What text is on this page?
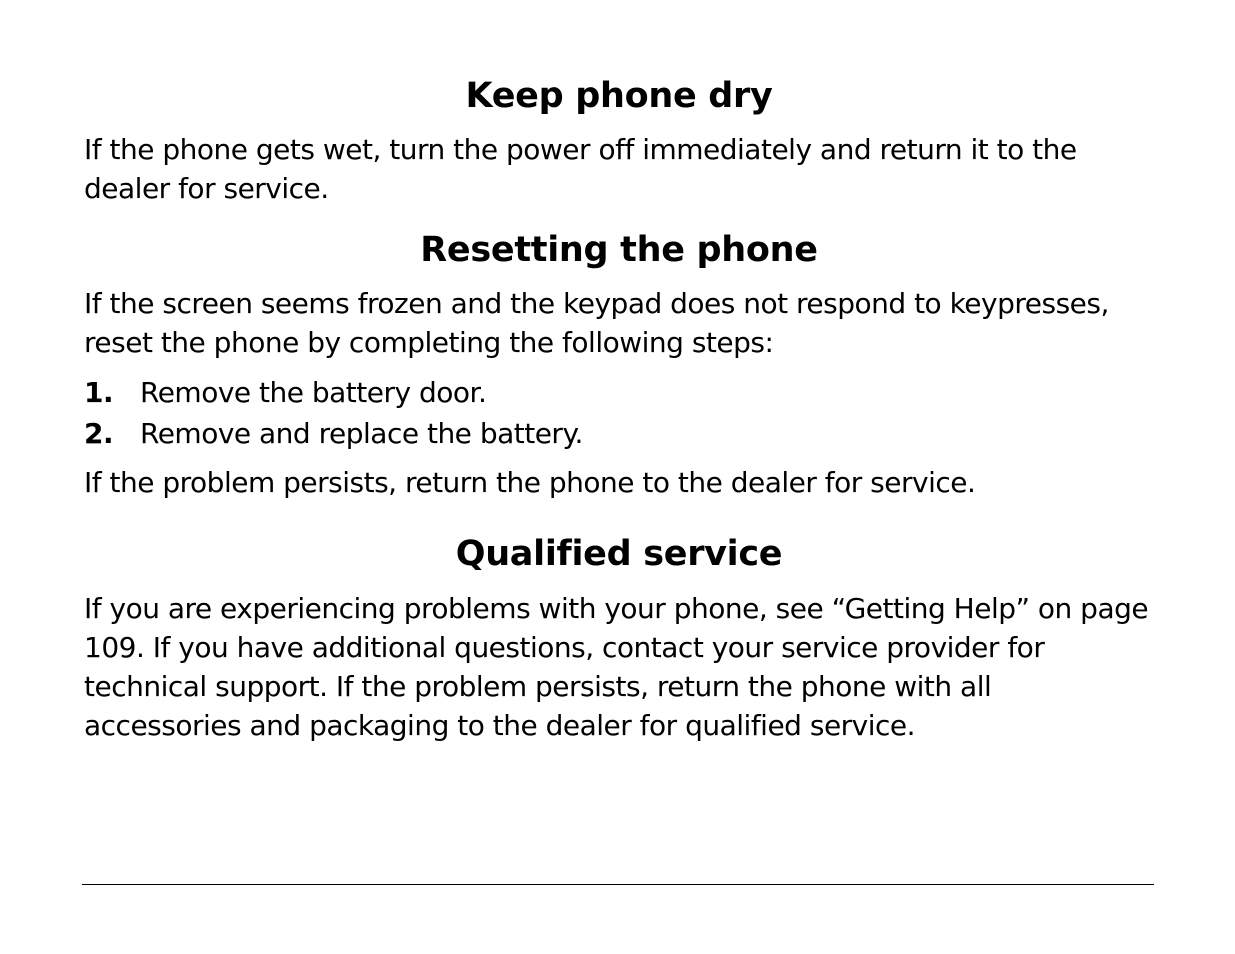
Keep phone dry

If the phone gets wet, turn the power off immediately and return it to the dealer for service.

Resetting the phone

If the screen seems frozen and the keypad does not respond to keypresses, reset the phone by completing the following steps:

1. Remove the battery door.
2. Remove and replace the battery.

If the problem persists, return the phone to the dealer for service.

Qualified service

If you are experiencing problems with your phone, see “Getting Help” on page 109. If you have additional questions, contact your service provider for technical support. If the problem persists, return the phone with all accessories and packaging to the dealer for qualified service.
